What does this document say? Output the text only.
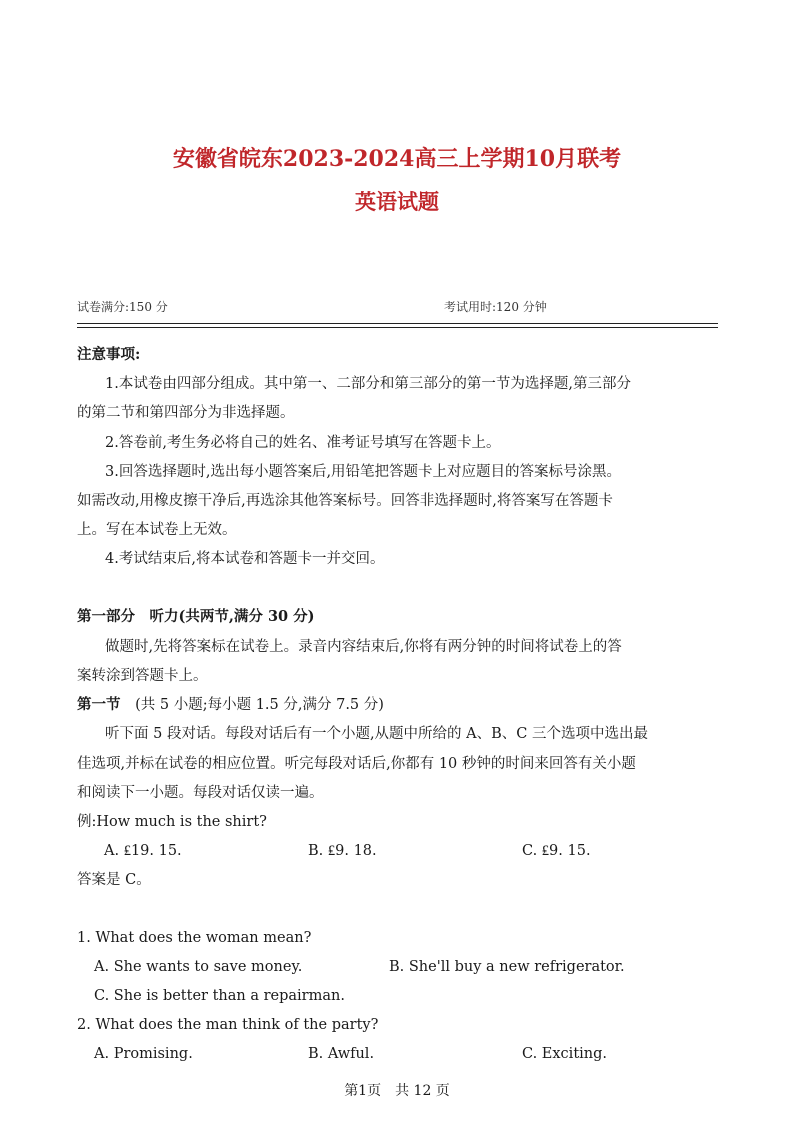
安徽省皖东2023-2024高三上学期10月联考
英语试题
试卷满分:150 分	考试用时:120 分钟
注意事项:
1.本试卷由四部分组成。其中第一、二部分和第三部分的第一节为选择题,第三部分
的第二节和第四部分为非选择题。
2.答卷前,考生务必将自己的姓名、准考证号填写在答题卡上。
3.回答选择题时,选出每小题答案后,用铅笔把答题卡上对应题目的答案标号涂黑。
如需改动,用橡皮擦干净后,再选涂其他答案标号。回答非选择题时,将答案写在答题卡
上。写在本试卷上无效。
4.考试结束后,将本试卷和答题卡一并交回。
第一部分　听力(共两节,满分 30 分)
做题时,先将答案标在试卷上。录音内容结束后,你将有两分钟的时间将试卷上的答
案转涂到答题卡上。
第一节 (共 5 小题;每小题 1.5 分,满分 7.5 分)
听下面 5 段对话。每段对话后有一个小题,从题中所给的 A、B、C 三个选项中选出最
佳选项,并标在试卷的相应位置。听完每段对话后,你都有 10 秒钟的时间来回答有关小题
和阅读下一小题。每段对话仅读一遍。
例:How much is the shirt?
A. ₤19. 15.	B. ₤9. 18.	C. ₤9. 15.
答案是 C。
1. What does the woman mean?
A. She wants to save money.	B. She'll buy a new refrigerator.
C. She is better than a repairman.
2. What does the man think of the party?
A. Promising.	B. Awful.	C. Exciting.
第1页　共 12 页
